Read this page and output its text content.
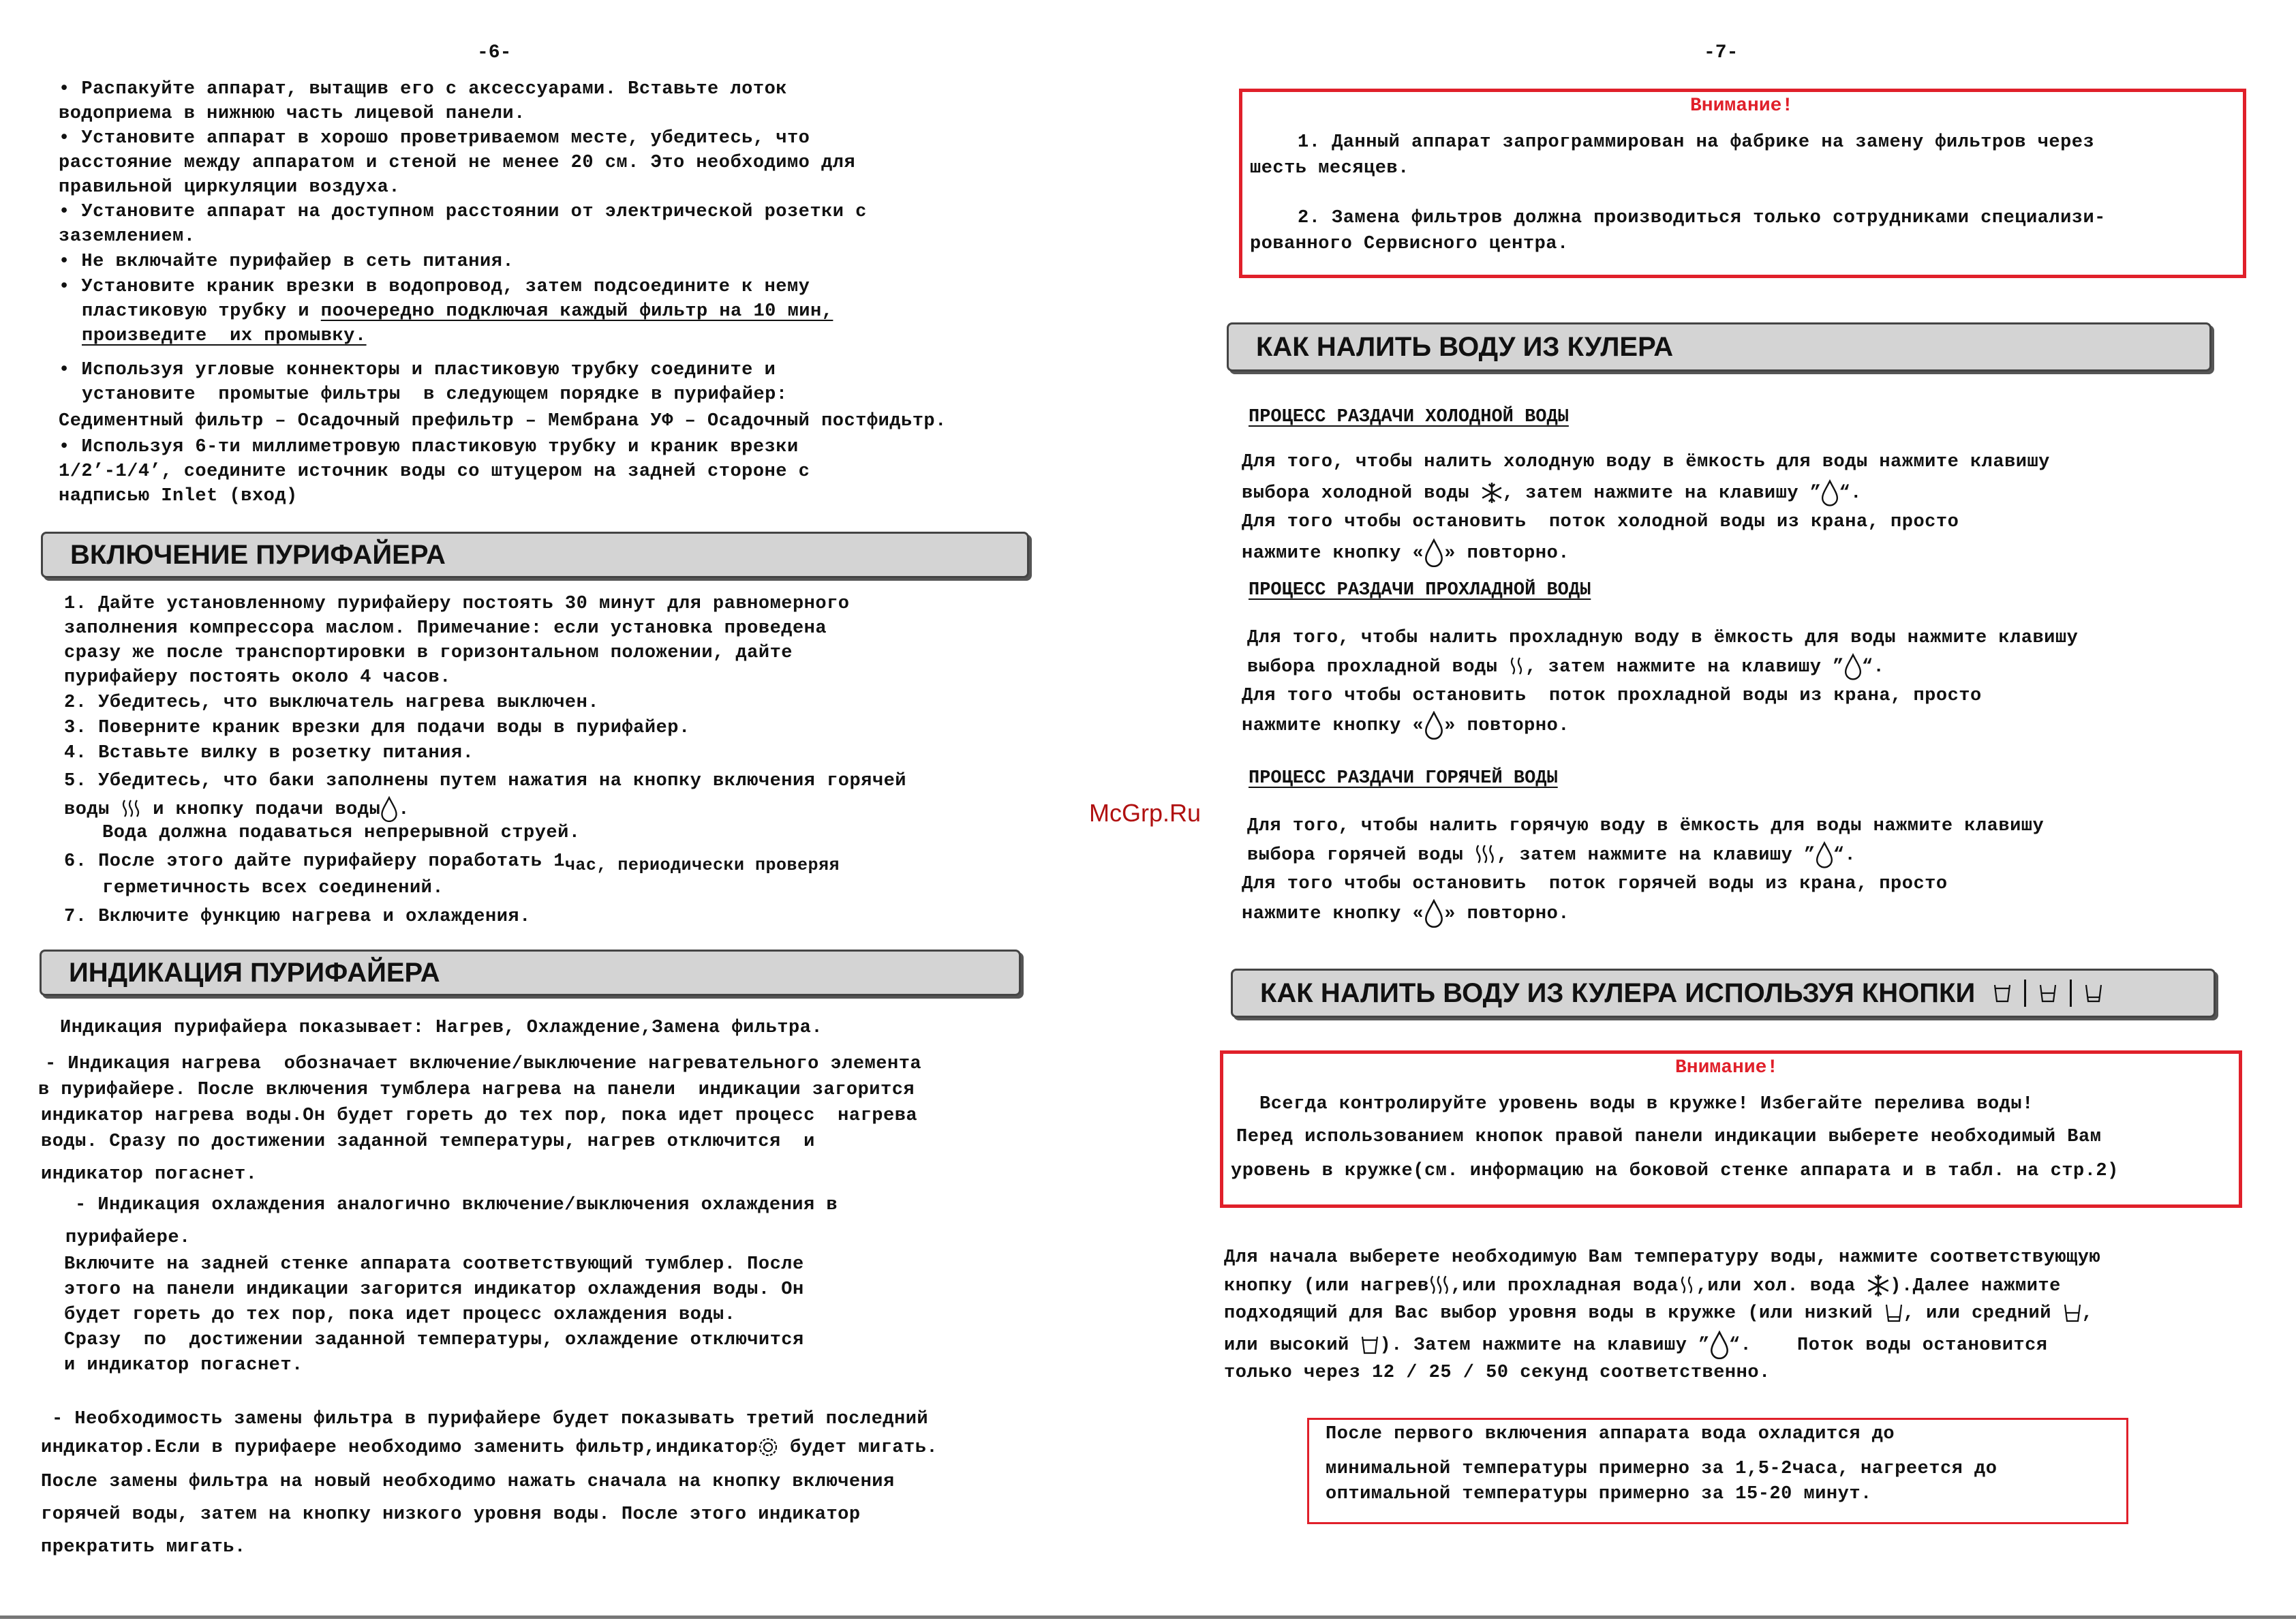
-6-
• Распакуйте аппарат, вытащив его с аксессуарами. Вставьте лоток
водоприема в нижнюю часть лицевой панели.
• Установите аппарат в хорошо проветриваемом месте, убедитесь, что
расстояние между аппаратом и стеной не менее 20 см. Это необходимо для
правильной циркуляции воздуха.
• Установите аппарат на доступном расстоянии от электрической розетки с
заземлением.
• Не включайте пурифайер в сеть питания.
• Установите краник врезки в водопровод, затем подсоедините к нему
пластиковую трубку и поочередно подключая каждый фильтр на 10 мин,
произведите  их промывку.
• Используя угловые коннекторы и пластиковую трубку соедините и
установите  промытые фильтры  в следующем порядке в пурифайер:
Седиментный фильтр – Осадочный префильтр – Мембрана УФ – Осадочный постфидьтр.
• Используя 6-ти миллиметровую пластиковую трубку и краник врезки
1/2’-1/4’, соедините источник воды со штуцером на задней стороне с
надписью Inlet (вход)
ВКЛЮЧЕНИЕ ПУРИФАЙЕРА
1. Дайте установленному пурифайеру постоять 30 минут для равномерного
заполнения компрессора маслом. Примечание: если установка проведена
сразу же после транспортировки в горизонтальном положении, дайте
пурифайеру постоять около 4 часов.
2. Убедитесь, что выключатель нагрева выключен.
3. Поверните краник врезки для подачи воды в пурифайер.
4. Вставьте вилку в розетку питания.
5. Убедитесь, что баки заполнены путем нажатия на кнопку включения горячей
воды  и кнопку подачи воды .
Вода должна подаваться непрерывной струей.
6. После этого дайте пурифайеру поработать 1час, периодически проверяя
герметичность всех соединений.
7. Включите функцию нагрева и охлаждения.
ИНДИКАЦИЯ ПУРИФАЙЕРА
Индикация пурифайера показывает: Нагрев, Охлаждение,Замена фильтра.
- Индикация нагрева  обозначает включение/выключение нагревательного элемента
в пурифайере. После включения тумблера нагрева на панели  индикации загорится
индикатор нагрева воды.Он будет гореть до тех пор, пока идет процесс  нагрева
воды. Сразу по достижении заданной температуры, нагрев отключится  и
индикатор погаснет.
- Индикация охлаждения аналогично включение/выключения охлаждения в
пурифайере.
Включите на задней стенке аппарата соответствующий тумблер. После
этого на панели индикации загорится индикатор охлаждения воды. Он
будет гореть до тех пор, пока идет процесс охлаждения воды.
Сразу  по  достижении заданной температуры, охлаждение отключится
и индикатор погаснет.
- Необходимость замены фильтра в пурифайере будет показывать третий последний
индикатор.Если в пурифаере необходимо заменить фильтр,индикатор будет мигать.
После замены фильтра на новый необходимо нажать сначала на кнопку включения
горячей воды, затем на кнопку низкого уровня воды. После этого индикатор
прекратить мигать.
McGrp.Ru
-7-
Внимание!
1. Данный аппарат запрограммирован на фабрике на замену фильтров через
шесть месяцев.
2. Замена фильтров должна производиться только сотрудниками специализи-
рованного Сервисного центра.
КАК НАЛИТЬ ВОДУ ИЗ КУЛЕРА
ПРОЦЕСС РАЗДАЧИ ХОЛОДНОЙ ВОДЫ
Для того, чтобы налить холодную воду в ёмкость для воды нажмите клавишу
выбора холодной воды , затем нажмите на клавишу ” “.
Для того чтобы остановить  поток холодной воды из крана, просто
нажмите кнопку « » повторно.
ПРОЦЕСС РАЗДАЧИ ПРОХЛАДНОЙ ВОДЫ
Для того, чтобы налить прохладную воду в ёмкость для воды нажмите клавишу
выбора прохладной воды , затем нажмите на клавишу ” “.
Для того чтобы остановить  поток прохладной воды из крана, просто
нажмите кнопку « » повторно.
ПРОЦЕСС РАЗДАЧИ ГОРЯЧЕЙ ВОДЫ
Для того, чтобы налить горячую воду в ёмкость для воды нажмите клавишу
выбора горячей воды , затем нажмите на клавишу ” “.
Для того чтобы остановить  поток горячей воды из крана, просто
нажмите кнопку « » повторно.
КАК НАЛИТЬ ВОДУ ИЗ КУЛЕРА ИСПОЛЬЗУЯ КНОПКИ
Внимание!
Всегда контролируйте уровень воды в кружке! Избегайте перелива воды!
Перед использованием кнопок правой панели индикации выберете необходимый Вам
уровень в кружке(см. информацию на боковой стенке аппарата и в табл. на стр.2)
Для начала выберете необходимую Вам температуру воды, нажмите соответствующую
кнопку (или нагрев ,или прохладная вода ,или хол. вода ).Далее нажмите
подходящий для Вас выбор уровня воды в кружке (или низкий , или средний ,
или высокий ). Затем нажмите на клавишу ” “.    Поток воды остановится
только через 12 / 25 / 50 секунд соответственно.
После первого включения аппарата вода охладится до
минимальной температуры примерно за 1,5-2часа, нагреется до
оптимальной температуры примерно за 15-20 минут.
